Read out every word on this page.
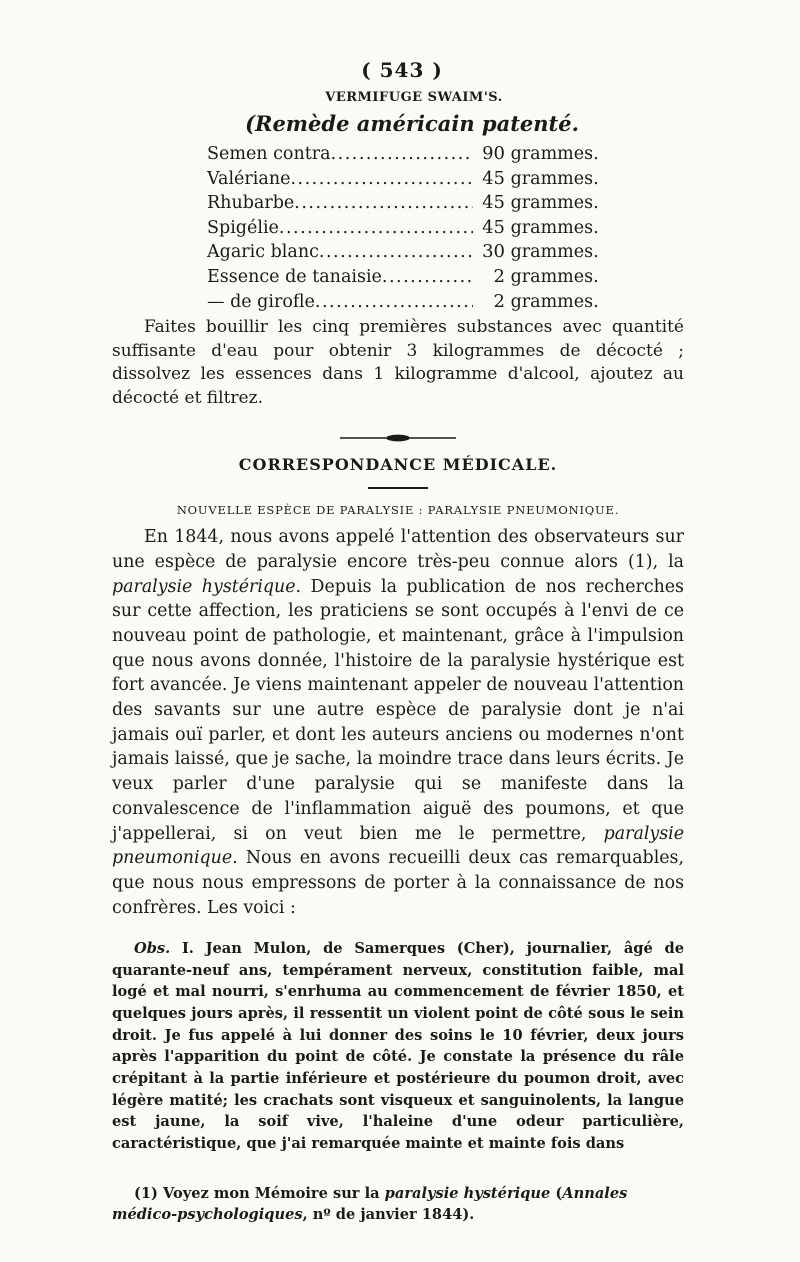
( 543 )
VERMIFUGE SWAIM'S.
(Remède américain patenté.
Semen contra .....	90 grammes.
Valériane .....	45 grammes.
Rhubarbe .....	45 grammes.
Spigélie .....	45 grammes.
Agaric blanc .....	30 grammes.
Essence de tanaisie .....	2 grammes.
— de girofle .....	2 grammes.

Faites bouillir les cinq premières substances avec quantité suffisante d'eau pour obtenir 3 kilogrammes de décocté ; dissolvez les essences dans 1 kilogramme d'alcool, ajoutez au décocté et filtrez.

CORRESPONDANCE MÉDICALE.
NOUVELLE ESPÈCE DE PARALYSIE : PARALYSIE PNEUMONIQUE.

En 1844, nous avons appelé l'attention des observateurs sur une espèce de paralysie encore très-peu connue alors (1), la paralysie hystérique. Depuis la publication de nos recherches sur cette affection, les praticiens se sont occupés à l'envi de ce nouveau point de pathologie, et maintenant, grâce à l'impulsion que nous avons donnée, l'histoire de la paralysie hystérique est fort avancée. Je viens maintenant appeler de nouveau l'attention des savants sur une autre espèce de paralysie dont je n'ai jamais ouï parler, et dont les auteurs anciens ou modernes n'ont jamais laissé, que je sache, la moindre trace dans leurs écrits. Je veux parler d'une paralysie qui se manifeste dans la convalescence de l'inflammation aiguë des poumons, et que j'appellerai, si on veut bien me le permettre, paralysie pneumonique. Nous en avons recueilli deux cas remarquables, que nous nous empressons de porter à la connaissance de nos confrères. Les voici :

Obs. I. Jean Mulon, de Samerques (Cher), journalier, âgé de quarante-neuf ans, tempérament nerveux, constitution faible, mal logé et mal nourri, s'enrhuma au commencement de février 1850, et quelques jours après, il ressentit un violent point de côté sous le sein droit. Je fus appelé à lui donner des soins le 10 février, deux jours après l'apparition du point de côté. Je constate la présence du râle crépitant à la partie inférieure et postérieure du poumon droit, avec légère matité; les crachats sont visqueux et sanguinolents, la langue est jaune, la soif vive, l'haleine d'une odeur particulière, caractéristique, que j'ai remarquée mainte et mainte fois dans

(1) Voyez mon Mémoire sur la paralysie hystérique (Annales médico-psychologiques, nº de janvier 1844).
